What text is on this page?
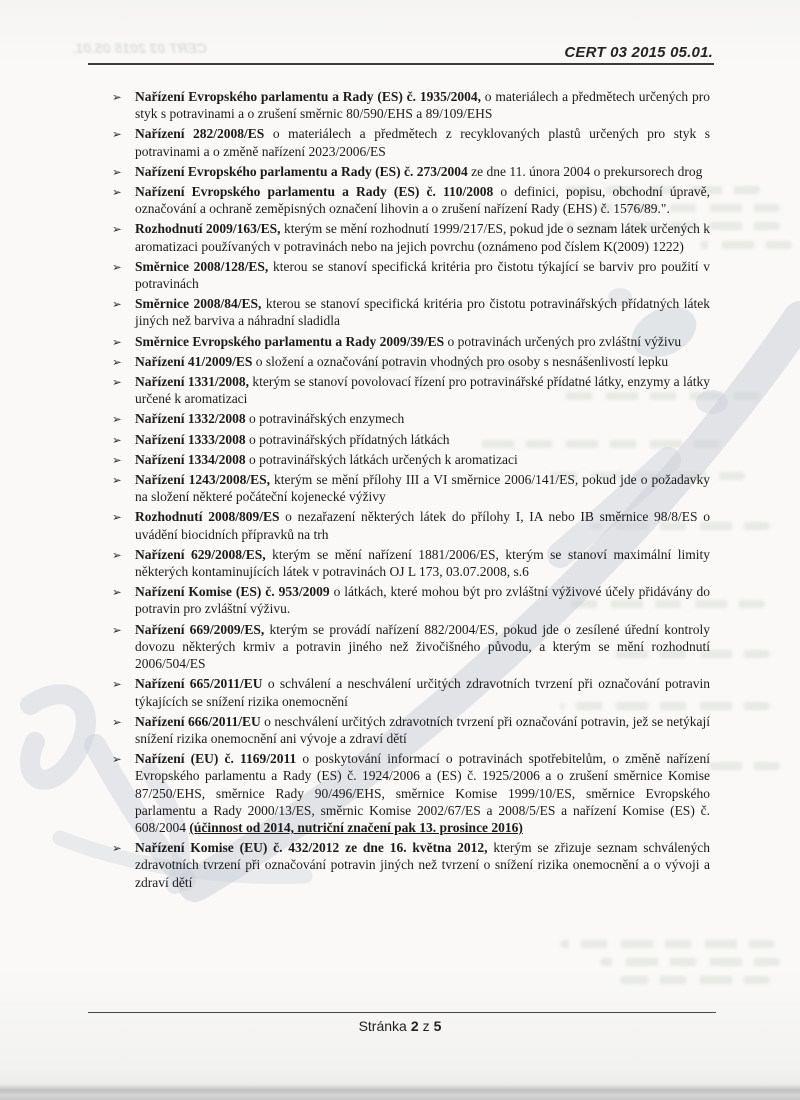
CERT 03 2015 05.01.	CERT 03 2015 05.01.
➢ Nařízení Evropského parlamentu a Rady (ES) č. 1935/2004, o materiálech a předmětech určených pro styk s potravinami a o zrušení směrnic 80/590/EHS a 89/109/EHS
➢ Nařízení 282/2008/ES o materiálech a předmětech z recyklovaných plastů určených pro styk s potravinami a o změně nařízení 2023/2006/ES
➢ Nařízení Evropského parlamentu a Rady (ES) č. 273/2004 ze dne 11. února 2004 o prekursorech drog
➢ Nařízení Evropského parlamentu a Rady (ES) č. 110/2008 o definici, popisu, obchodní úpravě, označování a ochraně zeměpisných označení lihovin a o zrušení nařízení Rady (EHS) č. 1576/89.".
➢ Rozhodnutí 2009/163/ES, kterým se mění rozhodnutí 1999/217/ES, pokud jde o seznam látek určených k aromatizaci používaných v potravinách nebo na jejich povrchu (oznámeno pod číslem K(2009) 1222)
➢ Směrnice 2008/128/ES, kterou se stanoví specifická kritéria pro čistotu týkající se barviv pro použití v potravinách
➢ Směrnice 2008/84/ES, kterou se stanoví specifická kritéria pro čistotu potravinářských přídatných látek jiných než barviva a náhradní sladidla
➢ Směrnice Evropského parlamentu a Rady 2009/39/ES o potravinách určených pro zvláštní výživu
➢ Nařízení 41/2009/ES o složení a označování potravin vhodných pro osoby s nesnášenlivostí lepku
➢ Nařízení 1331/2008, kterým se stanoví povolovací řízení pro potravinářské přídatné látky, enzymy a látky určené k aromatizaci
➢ Nařízení 1332/2008 o potravinářských enzymech
➢ Nařízení 1333/2008 o potravinářských přídatných látkách
➢ Nařízení 1334/2008 o potravinářských látkách určených k aromatizaci
➢ Nařízení 1243/2008/ES, kterým se mění přílohy III a VI směrnice 2006/141/ES, pokud jde o požadavky na složení některé počáteční kojenecké výživy
➢ Rozhodnutí 2008/809/ES o nezařazení některých látek do přílohy I, IA nebo IB směrnice 98/8/ES o uvádění biocidních přípravků na trh
➢ Nařízení 629/2008/ES, kterým se mění nařízení 1881/2006/ES, kterým se stanoví maximální limity některých kontaminujících látek v potravinách OJ L 173, 03.07.2008, s.6
➢ Nařízení Komise (ES) č. 953/2009 o látkách, které mohou být pro zvláštní výživové účely přidávány do potravin pro zvláštní výživu.
➢ Nařízení 669/2009/ES, kterým se provádí nařízení 882/2004/ES, pokud jde o zesílené úřední kontroly dovozu některých krmiv a potravin jiného než živočišného původu, a kterým se mění rozhodnutí 2006/504/ES
➢ Nařízení 665/2011/EU o schválení a neschválení určitých zdravotních tvrzení při označování potravin týkajících se snížení rizika onemocnění
➢ Nařízení 666/2011/EU o neschválení určitých zdravotních tvrzení při označování potravin, jež se netýkají snížení rizika onemocnění ani vývoje a zdraví dětí
➢ Nařízení (EU) č. 1169/2011 o poskytování informací o potravinách spotřebitelům, o změně nařízení Evropského parlamentu a Rady (ES) č. 1924/2006 a (ES) č. 1925/2006 a o zrušení směrnice Komise 87/250/EHS, směrnice Rady 90/496/EHS, směrnice Komise 1999/10/ES, směrnice Evropského parlamentu a Rady 2000/13/ES, směrnic Komise 2002/67/ES a 2008/5/ES a nařízení Komise (ES) č. 608/2004 (účinnost od 2014, nutriční značení pak 13. prosince 2016)
➢ Nařízení Komise (EU) č. 432/2012 ze dne 16. května 2012, kterým se zřizuje seznam schválených zdravotních tvrzení při označování potravin jiných než tvrzení o snížení rizika onemocnění a o vývoji a zdraví dětí
Stránka 2 z 5
